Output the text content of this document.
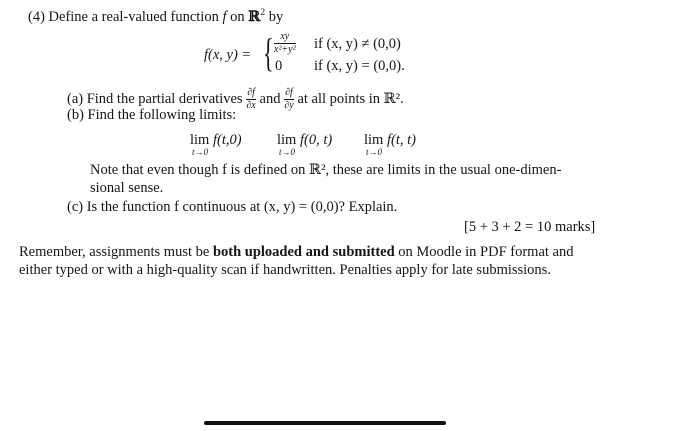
(4) Define a real-valued function f on ℝ$^2$ by
f(x, y) = { $\frac{xy}{\text{x²+y²}}$ if (x, y) ≠ (0,0)
0 if (x, y) = (0,0).
(a) Find the partial derivatives $\frac{\partial f}{\partial x}$ and $\frac{\partial f}{\partial y}$ at all points in ℝ².
(b) Find the following limits:
lim f(t,0)
t→0
lim f(0, t)
t→0
lim f(t, t)
t→0
Note that even though f is defined on ℝ², these are limits in the usual one-dimen-
sional sense.
(c) Is the function f continuous at (x, y) = (0,0)? Explain.
[5 + 3 + 2 = 10 marks]
Remember, assignments must be both uploaded and submitted on Moodle in PDF format and
either typed or with a high-quality scan if handwritten. Penalties apply for late submissions.
